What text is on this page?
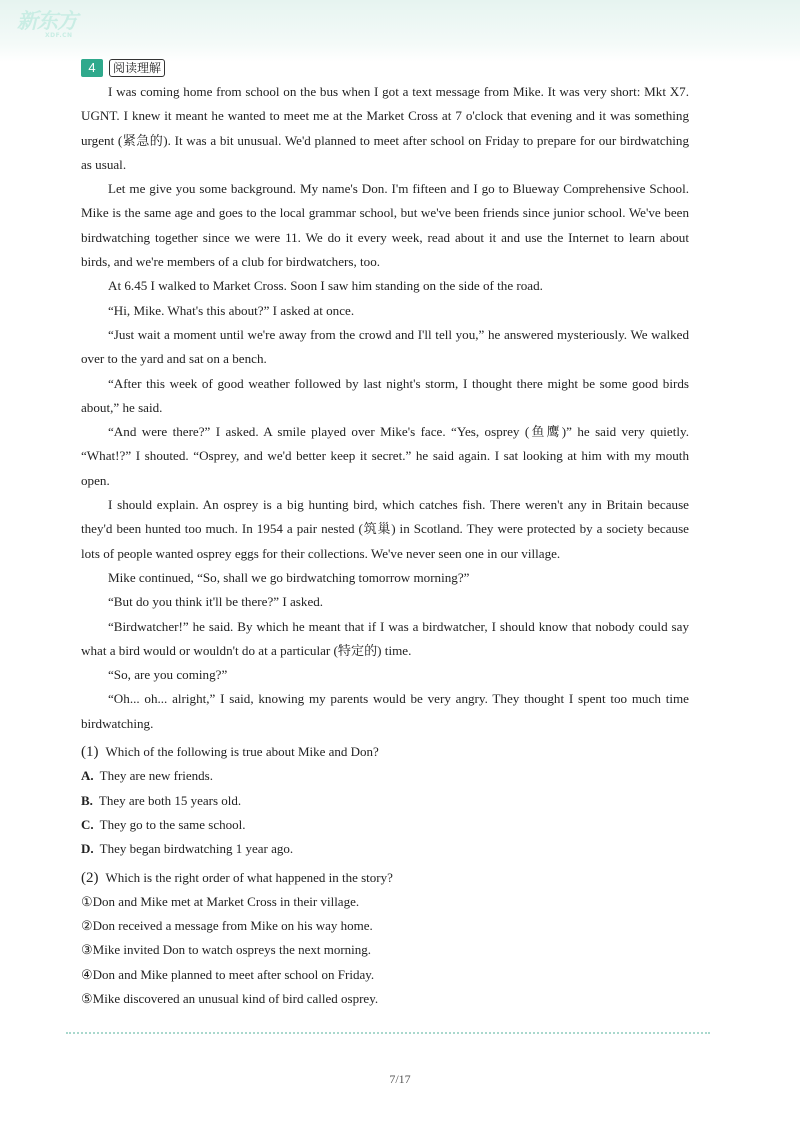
新东方
XDF.CN
4	阅读理解

I was coming home from school on the bus when I got a text message from Mike. It was very short: Mkt X7. UGNT. I knew it meant he wanted to meet me at the Market Cross at 7 o'clock that evening and it was something urgent (紧急的). It was a bit unusual. We'd planned to meet after school on Friday to prepare for our birdwatching as usual.

Let me give you some background. My name's Don. I'm fifteen and I go to Blueway Comprehensive School. Mike is the same age and goes to the local grammar school, but we've been friends since junior school. We've been birdwatching together since we were 11. We do it every week, read about it and use the Internet to learn about birds, and we're members of a club for birdwatchers, too.

At 6.45 I walked to Market Cross. Soon I saw him standing on the side of the road.

“Hi, Mike. What's this about?” I asked at once.

“Just wait a moment until we're away from the crowd and I'll tell you,” he answered mysteriously. We walked over to the yard and sat on a bench.

“After this week of good weather followed by last night's storm, I thought there might be some good birds about,” he said.

“And were there?” I asked. A smile played over Mike's face. “Yes, osprey (鱼鹰)” he said very quietly. “What!?” I shouted. “Osprey, and we'd better keep it secret.” he said again. I sat looking at him with my mouth open.

I should explain. An osprey is a big hunting bird, which catches fish. There weren't any in Britain because they'd been hunted too much. In 1954 a pair nested (筑巢) in Scotland. They were protected by a society because lots of people wanted osprey eggs for their collections. We've never seen one in our village.

Mike continued, “So, shall we go birdwatching tomorrow morning?”

“But do you think it'll be there?” I asked.

“Birdwatcher!” he said. By which he meant that if I was a birdwatcher, I should know that nobody could say what a bird would or wouldn't do at a particular (特定的) time.

“So, are you coming?”

“Oh... oh... alright,” I said, knowing my parents would be very angry. They thought I spent too much time birdwatching.

(1) Which of the following is true about Mike and Don?

A. They are new friends.

B. They are both 15 years old.

C. They go to the same school.

D. They began birdwatching 1 year ago.

(2) Which is the right order of what happened in the story?

①Don and Mike met at Market Cross in their village.

②Don received a message from Mike on his way home.

③Mike invited Don to watch ospreys the next morning.

④Don and Mike planned to meet after school on Friday.

⑤Mike discovered an unusual kind of bird called osprey.

7/17
